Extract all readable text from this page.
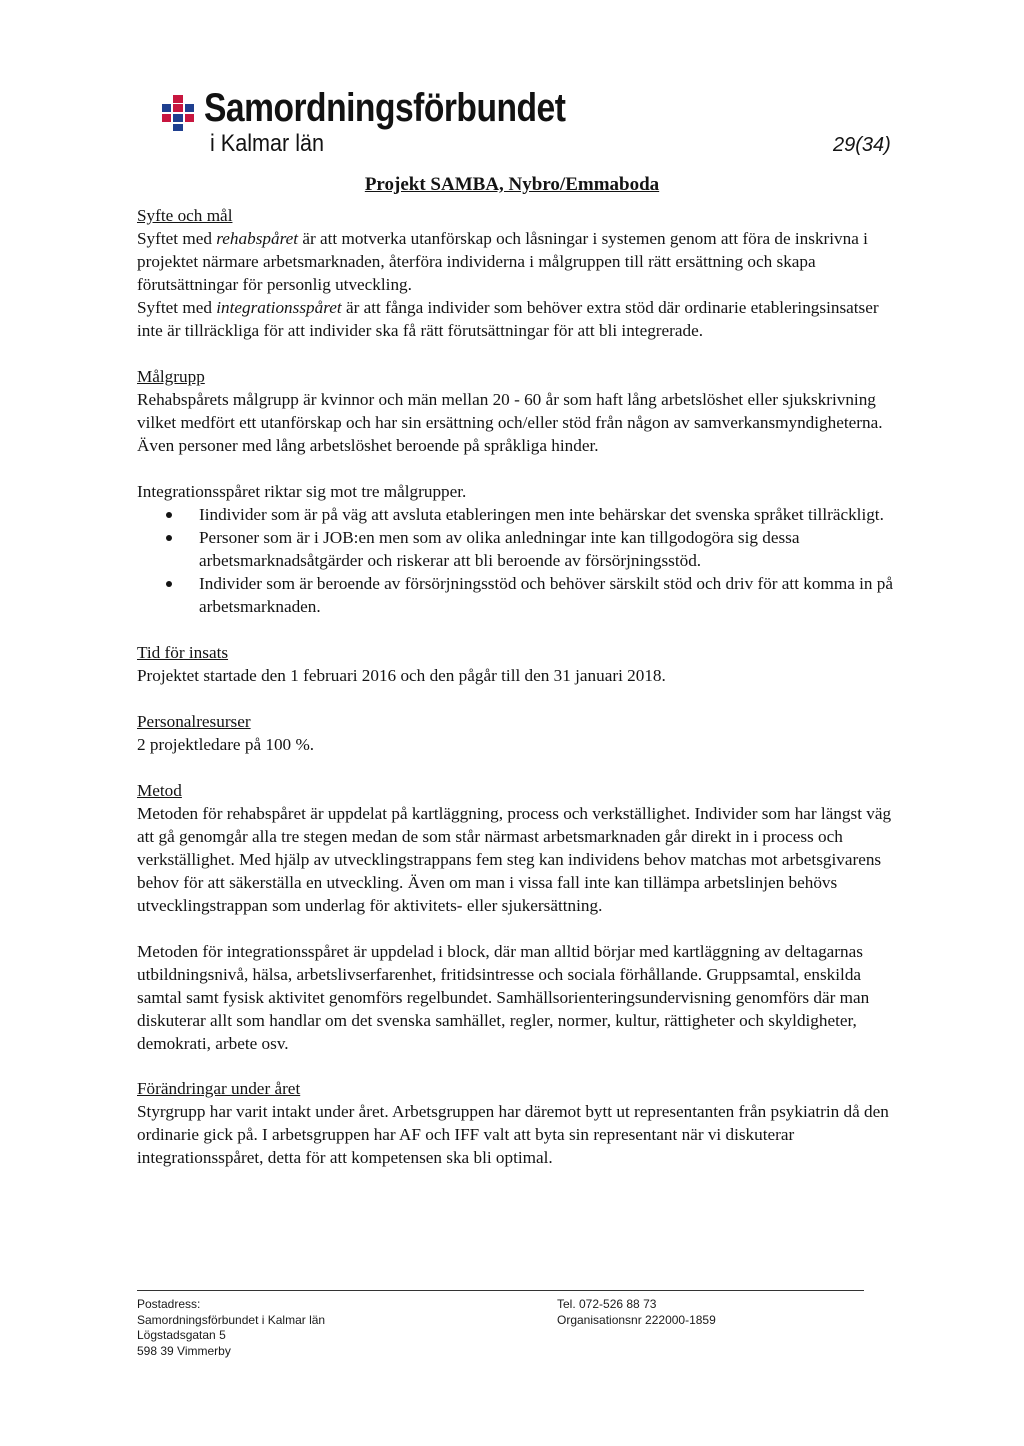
Samordningsförbundet
i Kalmar län	29(34)
Projekt SAMBA, Nybro/Emmaboda

Syfte och mål

Syftet med rehabspåret är att motverka utanförskap och låsningar i systemen genom att föra de inskrivna i projektet närmare arbetsmarknaden, återföra individerna i målgruppen till rätt ersättning och skapa förutsättningar för personlig utveckling.

Syftet med integrationsspåret är att fånga individer som behöver extra stöd där ordinarie etableringsinsatser inte är tillräckliga för att individer ska få rätt förutsättningar för att bli integrerade.

Målgrupp

Rehabspårets målgrupp är kvinnor och män mellan 20 - 60 år som haft lång arbetslöshet eller sjukskrivning vilket medfört ett utanförskap och har sin ersättning och/eller stöd från någon av samverkansmyndigheterna. Även personer med lång arbetslöshet beroende på språkliga hinder.

Integrationsspåret riktar sig mot tre målgrupper.

Iindivider som är på väg att avsluta etableringen men inte behärskar det svenska språket tillräckligt.
Personer som är i JOB:en men som av olika anledningar inte kan tillgodogöra sig dessa arbetsmarknadsåtgärder och riskerar att bli beroende av försörjningsstöd.
Individer som är beroende av försörjningsstöd och behöver särskilt stöd och driv för att komma in på arbetsmarknaden.

Tid för insats

Projektet startade den 1 februari 2016 och den pågår till den 31 januari 2018.

Personalresurser

2 projektledare på 100 %.

Metod

Metoden för rehabspåret är uppdelat på kartläggning, process och verkställighet. Individer som har längst väg att gå genomgår alla tre stegen medan de som står närmast arbetsmarknaden går direkt in i process och verkställighet. Med hjälp av utvecklingstrappans fem steg kan individens behov matchas mot arbetsgivarens behov för att säkerställa en utveckling. Även om man i vissa fall inte kan tillämpa arbetslinjen behövs utvecklingstrappan som underlag för aktivitets- eller sjukersättning.

Metoden för integrationsspåret är uppdelad i block, där man alltid börjar med kartläggning av deltagarnas utbildningsnivå, hälsa, arbetslivserfarenhet, fritidsintresse och sociala förhållande. Gruppsamtal, enskilda samtal samt fysisk aktivitet genomförs regelbundet. Samhällsorienteringsundervisning genomförs där man diskuterar allt som handlar om det svenska samhället, regler, normer, kultur, rättigheter och skyldigheter, demokrati, arbete osv.

Förändringar under året

Styrgrupp har varit intakt under året. Arbetsgruppen har däremot bytt ut representanten från psykiatrin då den ordinarie gick på. I arbetsgruppen har AF och IFF valt att byta sin representant när vi diskuterar integrationsspåret, detta för att kompetensen ska bli optimal.

Postadress:
Samordningsförbundet i Kalmar län
Lögstadsgatan 5
598 39 Vimmerby
Tel. 072-526 88 73
Organisationsnr 222000-1859
